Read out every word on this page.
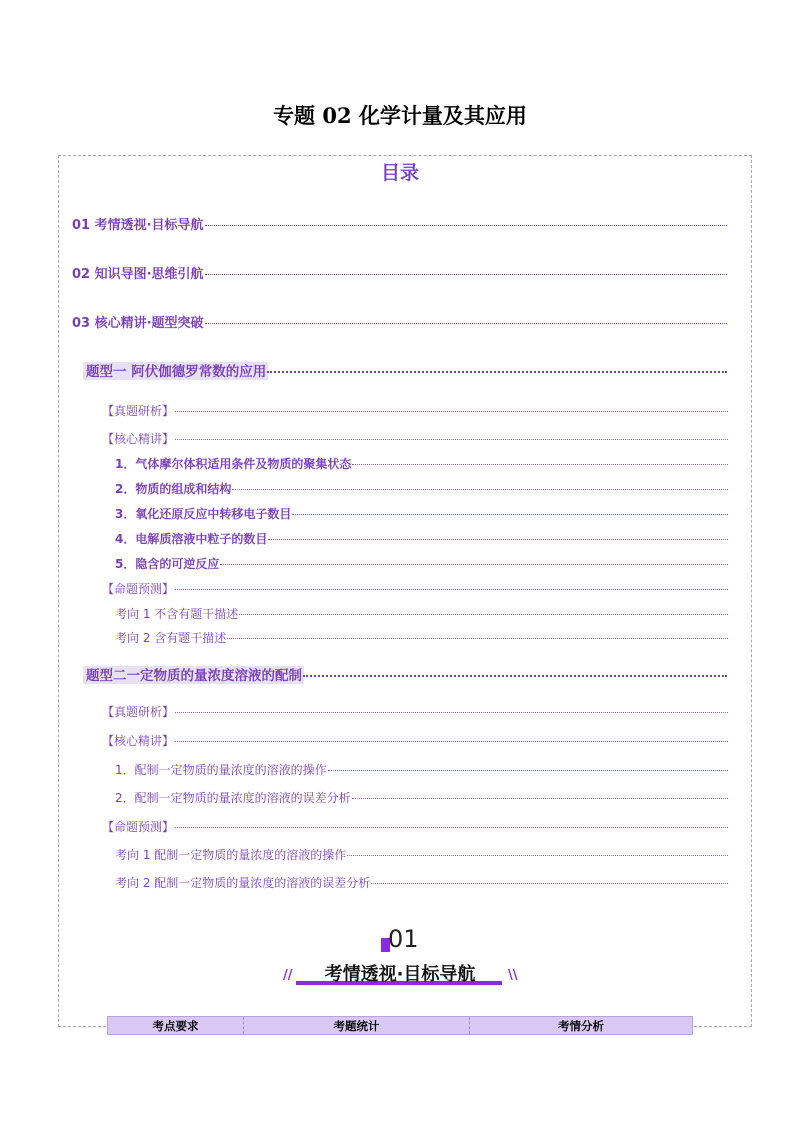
专题 02 化学计量及其应用
目录
01 考情透视·目标导航
02 知识导图·思维引航
03 核心精讲·题型突破
题型一 阿伏伽德罗常数的应用
【真题研析】
【核心精讲】
1．气体摩尔体积适用条件及物质的聚集状态
2．物质的组成和结构
3．氧化还原反应中转移电子数目
4．电解质溶液中粒子的数目
5．隐含的可逆反应
【命题预测】
考向 1 不含有题干描述
考向 2 含有题干描述
题型二一定物质的量浓度溶液的配制
【真题研析】
【核心精讲】
1．配制一定物质的量浓度的溶液的操作
2．配制一定物质的量浓度的溶液的误差分析
【命题预测】
考向 1 配制一定物质的量浓度的溶液的操作
考向 2 配制一定物质的量浓度的溶液的误差分析
01
//	\\
考情透视·目标导航
考点要求	考题统计	考情分析
